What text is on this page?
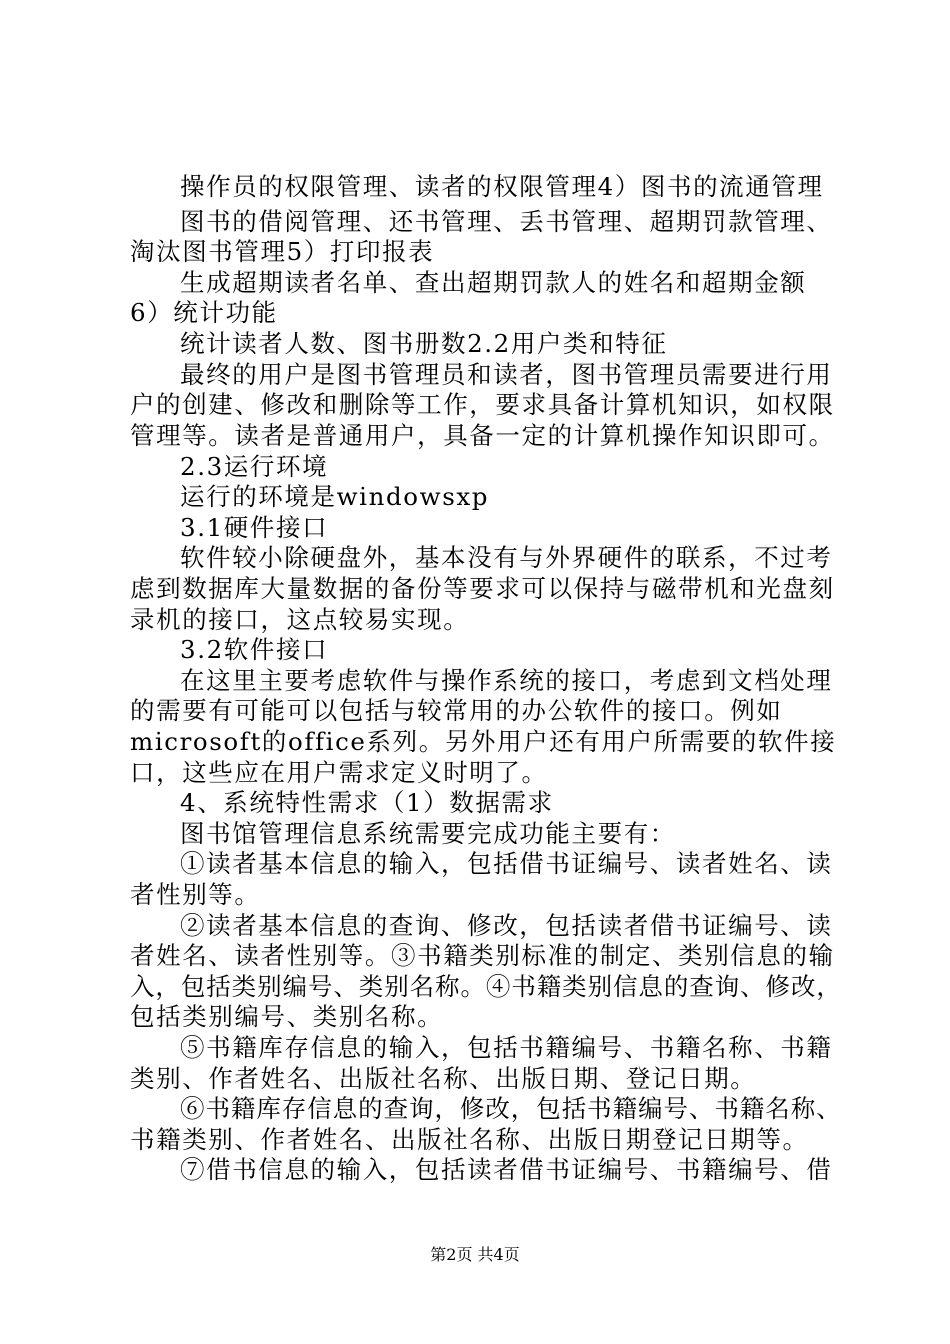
操作员的权限管理、读者的权限管理4）图书的流通管理
图书的借阅管理、还书管理、丢书管理、超期罚款管理、
淘汰图书管理5）打印报表
生成超期读者名单、查出超期罚款人的姓名和超期金额
6）统计功能
统计读者人数、图书册数2.2用户类和特征
最终的用户是图书管理员和读者，图书管理员需要进行用
户的创建、修改和删除等工作，要求具备计算机知识，如权限
管理等。读者是普通用户，具备一定的计算机操作知识即可。
2.3运行环境
运行的环境是windowsxp
3.1硬件接口
软件较小除硬盘外，基本没有与外界硬件的联系，不过考
虑到数据库大量数据的备份等要求可以保持与磁带机和光盘刻
录机的接口，这点较易实现。
3.2软件接口
在这里主要考虑软件与操作系统的接口，考虑到文档处理
的需要有可能可以包括与较常用的办公软件的接口。例如
microsoft的office系列。另外用户还有用户所需要的软件接
口，这些应在用户需求定义时明了。
4、系统特性需求（1）数据需求
图书馆管理信息系统需要完成功能主要有：
①读者基本信息的输入，包括借书证编号、读者姓名、读
者性别等。
②读者基本信息的查询、修改，包括读者借书证编号、读
者姓名、读者性别等。③书籍类别标准的制定、类别信息的输
入，包括类别编号、类别名称。④书籍类别信息的查询、修改，
包括类别编号、类别名称。
⑤书籍库存信息的输入，包括书籍编号、书籍名称、书籍
类别、作者姓名、出版社名称、出版日期、登记日期。
⑥书籍库存信息的查询，修改，包括书籍编号、书籍名称、
书籍类别、作者姓名、出版社名称、出版日期登记日期等。
⑦借书信息的输入，包括读者借书证编号、书籍编号、借
第2页 共4页
